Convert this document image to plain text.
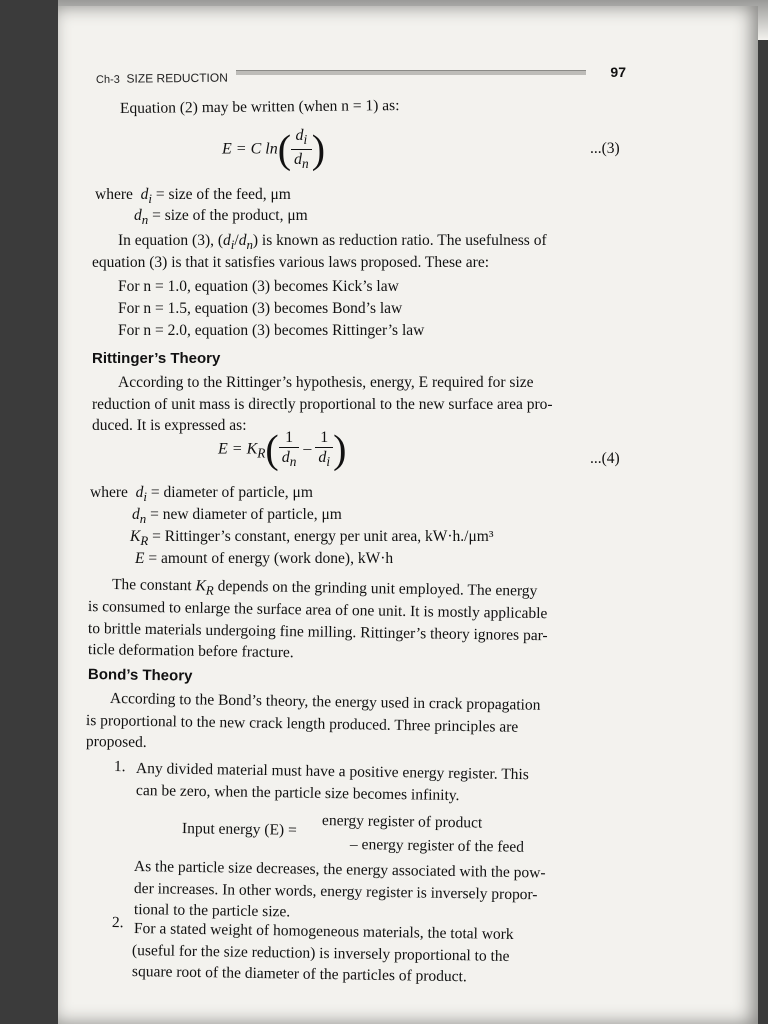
Ch-3 SIZE REDUCTION	97
Equation (2) may be written (when n = 1) as:
E = C $\ln( \frac{d_i}{d_n}$ )	...(3)
where $d_i$ = size of the feed, μm
$d_n$ = size of the product, μm
In equation (3), $(d_i/d_n)$ is known as reduction ratio. The usefulness of
equation (3) is that it satisfies various laws proposed. These are:
For n = 1.0, equation (3) becomes Kick’s law
For n = 1.5, equation (3) becomes Bond’s law
For n = 2.0, equation (3) becomes Rittinger’s law
Rittinger’s Theory
According to the Rittinger’s hypothesis, energy, E required for size
reduction of unit mass is directly proportional to the new surface area pro-
duced. It is expressed as:
$E = K_R( \frac{1}{d_n} - \frac{1}{d_i}$ )	...(4)
where $d_i$ = diameter of particle, μm
$d_n$ = new diameter of particle, μm
$K_R$ = Rittinger’s constant, energy per unit area, kW·h./μm³
E = amount of energy (work done), kW·h
The constant $K_R$ depends on the grinding unit employed. The energy
is consumed to enlarge the surface area of one unit. It is mostly applicable
to brittle materials undergoing fine milling. Rittinger’s theory ignores par-
ticle deformation before fracture.
Bond’s Theory
According to the Bond’s theory, the energy used in crack propagation
is proportional to the new crack length produced. Three principles are
proposed.
1. Any divided material must have a positive energy register. This
can be zero, when the particle size becomes infinity.
Input energy (E) = energy register of product
– energy register of the feed
As the particle size decreases, the energy associated with the pow-
der increases. In other words, energy register is inversely propor-
tional to the particle size.
2. For a stated weight of homogeneous materials, the total work
(useful for the size reduction) is inversely proportional to the
square root of the diameter of the particles of product.
